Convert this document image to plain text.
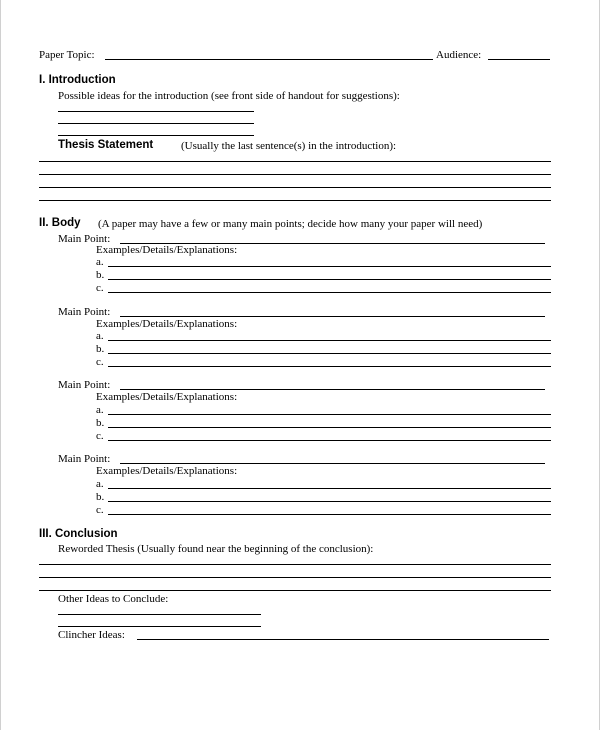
Paper Topic:	Audience:
I. Introduction
Possible ideas for the introduction (see front side of handout for suggestions):
Thesis Statement	(Usually the last sentence(s) in the introduction):
II. Body (A paper may have a few or many main points; decide how many your paper will need)
Main Point:
Examples/Details/Explanations:
a.
b.
c.
Main Point:
Examples/Details/Explanations:
a.
b.
c.
Main Point:
Examples/Details/Explanations:
a.
b.
c.
Main Point:
Examples/Details/Explanations:
a.
b.
c.
III. Conclusion
Reworded Thesis (Usually found near the beginning of the conclusion):
Other Ideas to Conclude:
Clincher Ideas:
